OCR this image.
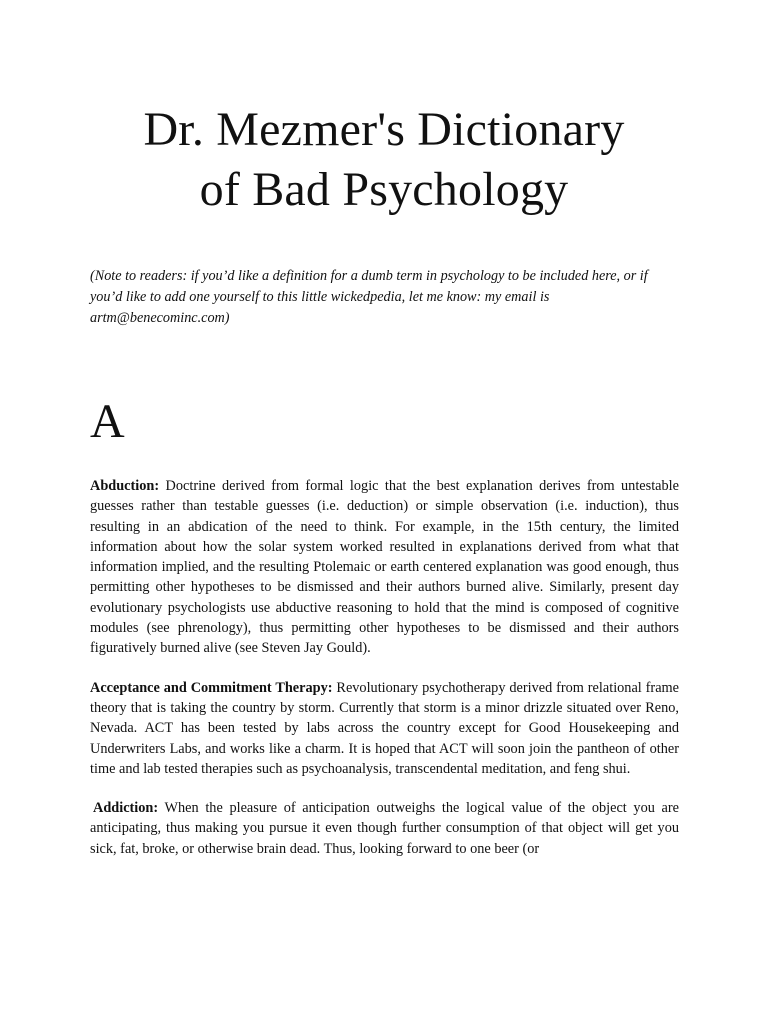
Dr. Mezmer's Dictionary
of Bad Psychology

(Note to readers: if you’d like a definition for a dumb term in psychology to be included here, or if you’d like to add one yourself to this little wickedpedia, let me know: my email is artm@benecominc.com)

A

Abduction: Doctrine derived from formal logic that the best explanation derives from untestable guesses rather than testable guesses (i.e. deduction) or simple observation (i.e. induction), thus resulting in an abdication of the need to think. For example, in the 15th century, the limited information about how the solar system worked resulted in explanations derived from what that information implied, and the resulting Ptolemaic or earth centered explanation was good enough, thus permitting other hypotheses to be dismissed and their authors burned alive. Similarly, present day evolutionary psychologists use abductive reasoning to hold that the mind is composed of cognitive modules (see phrenology), thus permitting other hypotheses to be dismissed and their authors figuratively burned alive (see Steven Jay Gould).

Acceptance and Commitment Therapy: Revolutionary psychotherapy derived from relational frame theory that is taking the country by storm. Currently that storm is a minor drizzle situated over Reno, Nevada. ACT has been tested by labs across the country except for Good Housekeeping and Underwriters Labs, and works like a charm. It is hoped that ACT will soon join the pantheon of other time and lab tested therapies such as psychoanalysis, transcendental meditation, and feng shui.

Addiction: When the pleasure of anticipation outweighs the logical value of the object you are anticipating, thus making you pursue it even though further consumption of that object will get you sick, fat, broke, or otherwise brain dead. Thus, looking forward to one beer (or
